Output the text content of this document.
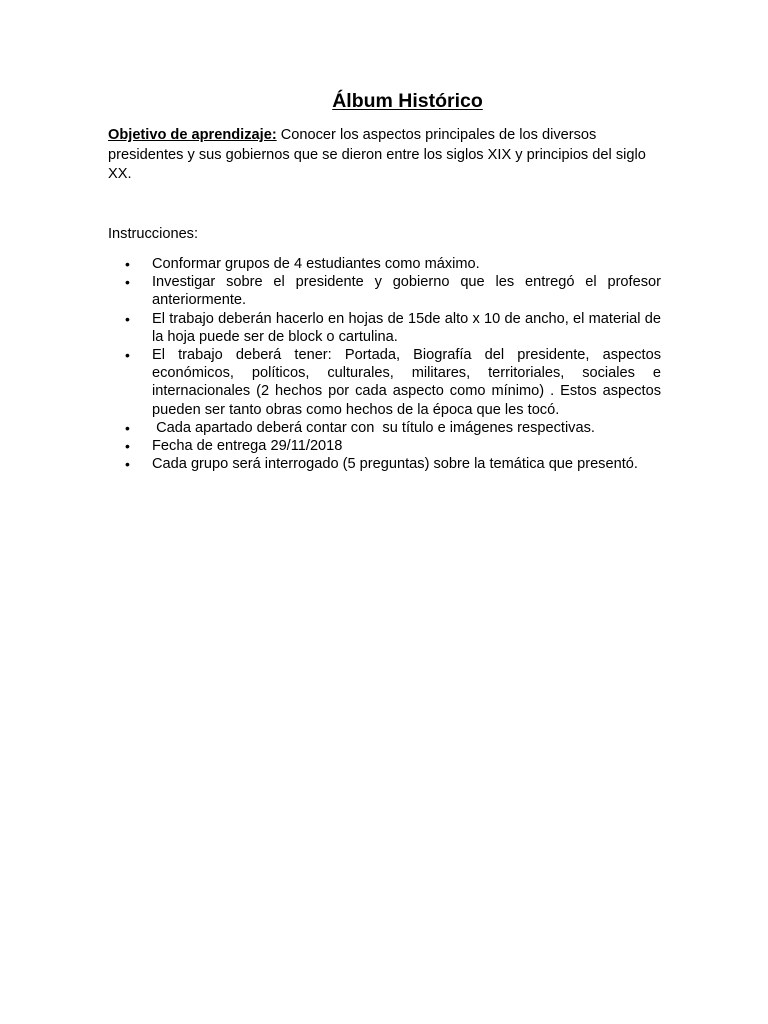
Álbum Histórico

Objetivo de aprendizaje: Conocer los aspectos principales de los diversos presidentes y sus gobiernos que se dieron entre los siglos XIX y principios del siglo XX.

Instrucciones:

• Conformar grupos de 4 estudiantes como máximo.
• Investigar sobre el presidente y gobierno que les entregó el profesor anteriormente.
• El trabajo deberán hacerlo en hojas de 15de alto x 10 de ancho, el material de la hoja puede ser de block o cartulina.
• El trabajo deberá tener: Portada, Biografía del presidente, aspectos económicos, políticos, culturales, militares, territoriales, sociales e internacionales (2 hechos por cada aspecto como mínimo) . Estos aspectos pueden ser tanto obras como hechos de la época que les tocó.
• Cada apartado deberá contar con  su título e imágenes respectivas.
• Fecha de entrega 29/11/2018
• Cada grupo será interrogado (5 preguntas) sobre la temática que presentó.
